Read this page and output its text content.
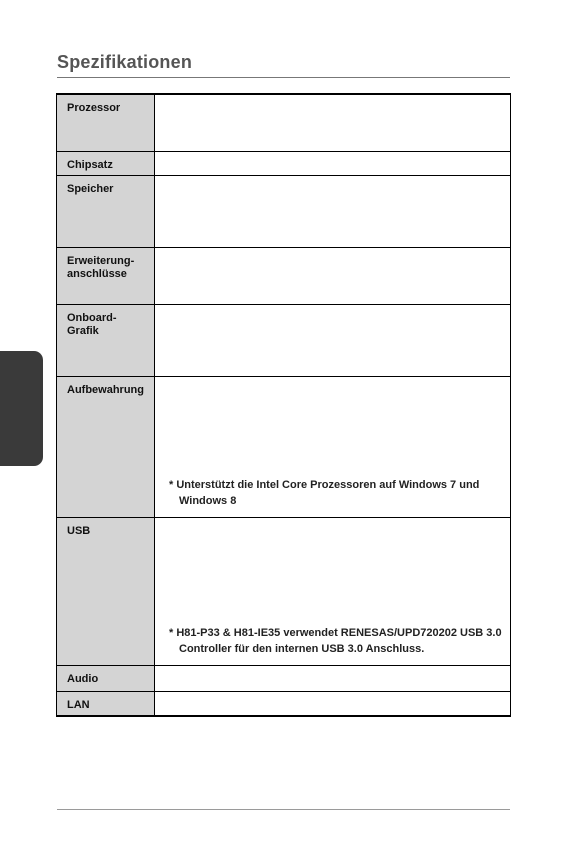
Spezifikationen
Prozessor	
Chipsatz	
Speicher	
Erweiterung-
anschlüsse	
Onboard-
Grafik	
Aufbewahrung	* Unterstützt die Intel Core Prozessoren auf Windows 7 und Windows 8

USB	* H81-P33 & H81-IE35 verwendet RENESAS/UPD720202 USB 3.0 Controller für den internen USB 3.0 Anschluss.

Audio	
LAN	
